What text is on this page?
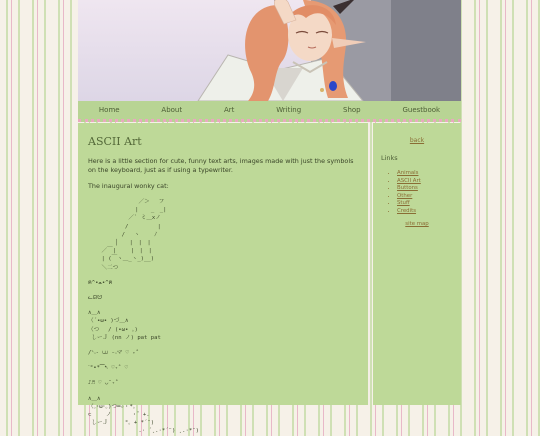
Home	About	Art	Writing	Shop	Guestbook
ASCII Art

Here is a little section for cute, funny text arts, images made with just the symbols on the keyboard, just as if using a typewriter.

The inaugural wonky cat:

／＞　 フ
|  　_　_|
／` ミ＿xノ
/　　　 　 |
/　 ヽ　　 ﾉ
│　　|　|　|
／￣|　　 |　|　|
| (￣ヽ＿_ヽ_)__)
＼二つ
ฅ^•ﻌ•^ฅ
ᓚᘏᗢ
∧＿∧
（´•ω• )づ＿∧
（つ　 / (•ω• ｡)
しーＪ (nn ノ) pat pat
/ᐠ˵- ⩊ -˵マ ♡ ₊˚
ˋ°•*⁀➷ ♡₊˚ ♡
♪♬ ♡ ◡̈ ₊˚
∧＿∧
（｡･ω･｡)つ━☆・*。
⊂　　 ノ 　　　・゜+.
しーＪ　　　°。+ *´¨)
　　　　　　　　　.· ´¸.·*´¨) ¸.·*¨)
back
Links
• Animals
• ASCII Art
• Buttons
• Other
• Stuff
• Credits
site map
